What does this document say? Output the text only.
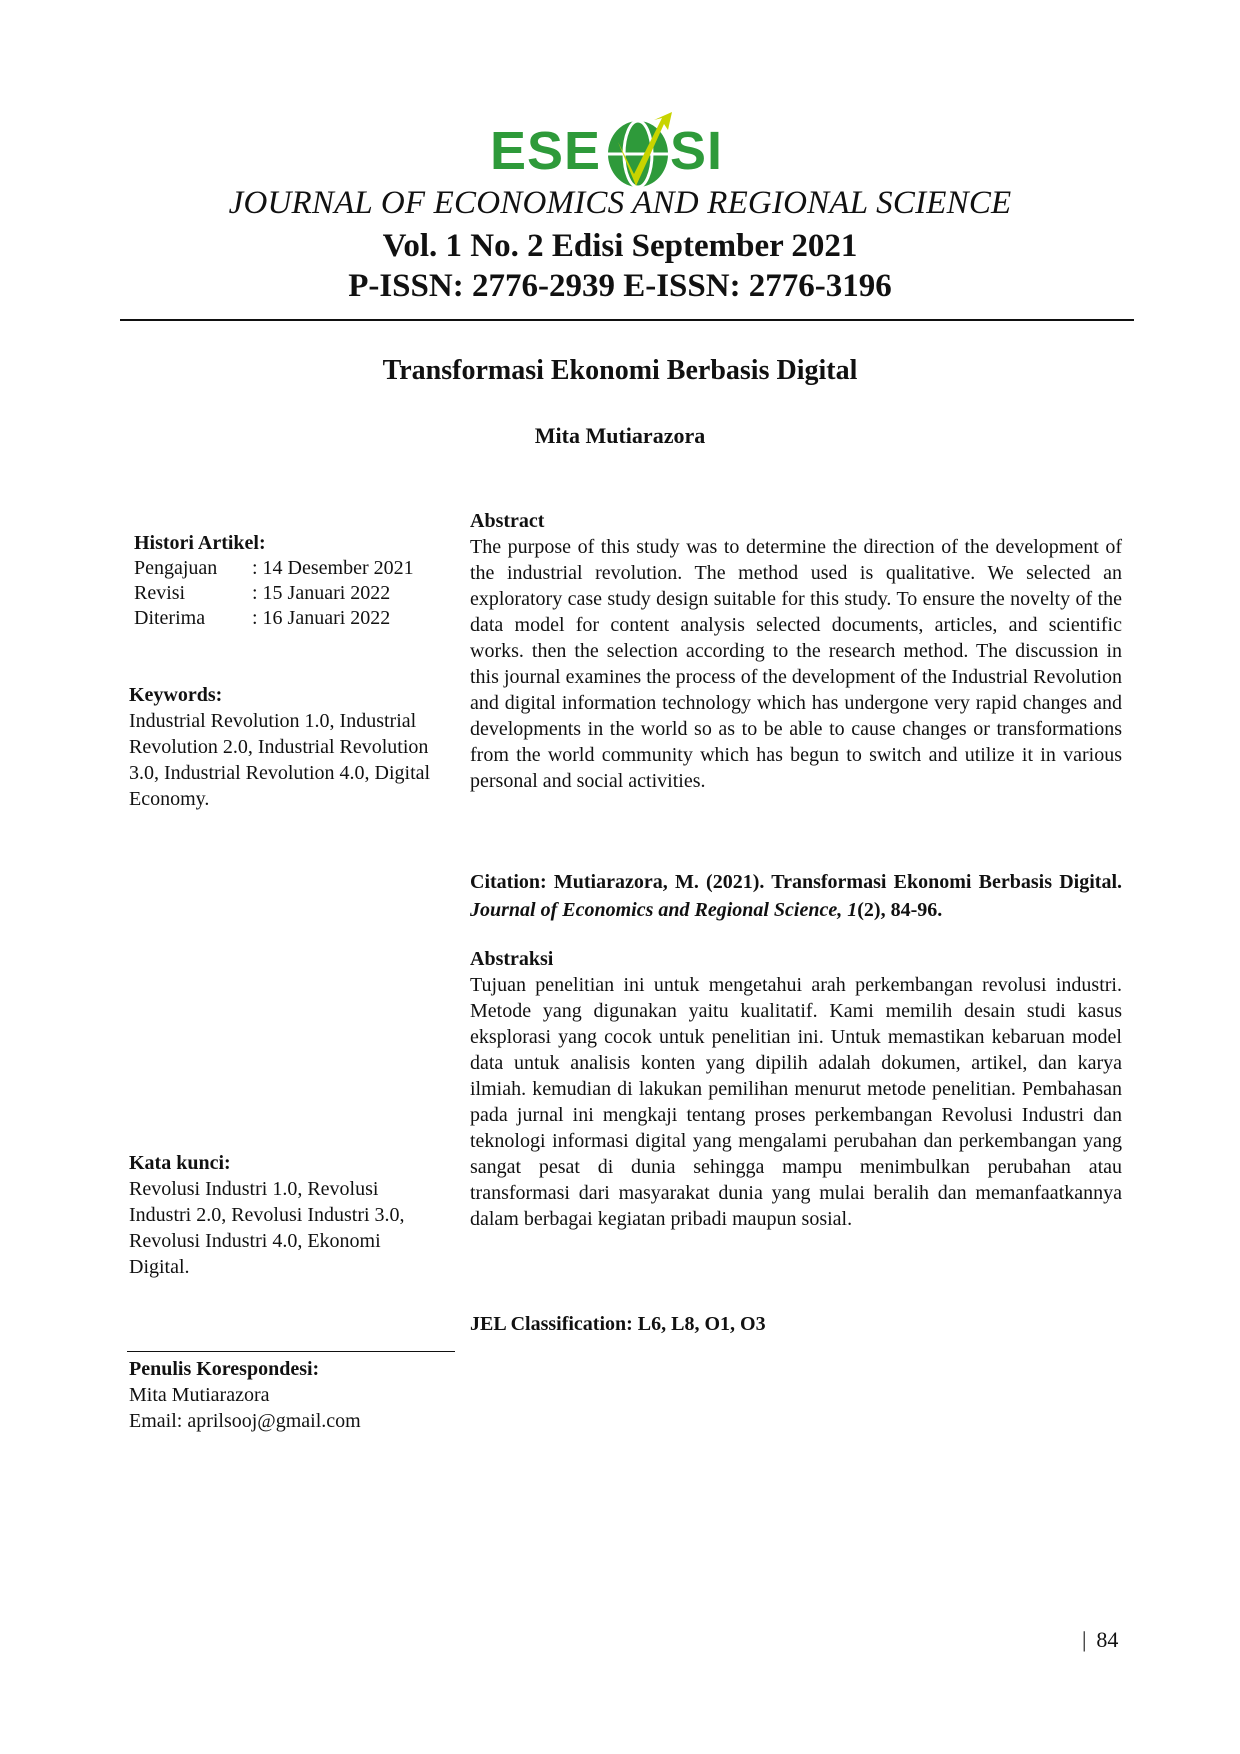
ESE SI
JOURNAL OF ECONOMICS AND REGIONAL SCIENCE
Vol. 1 No. 2 Edisi September 2021
P-ISSN: 2776-2939 E-ISSN: 2776-3196
Transformasi Ekonomi Berbasis Digital
Mita Mutiarazora
Histori Artikel:
Pengajuan	: 14 Desember 2021
Revisi	: 15 Januari 2022
Diterima	: 16 Januari 2022
Keywords:
Industrial Revolution 1.0, Industrial Revolution 2.0, Industrial Revolution 3.0, Industrial Revolution 4.0, Digital Economy.
Kata kunci:
Revolusi Industri 1.0, Revolusi Industri 2.0, Revolusi Industri 3.0, Revolusi Industri 4.0, Ekonomi Digital.
Penulis Korespondesi:
Mita Mutiarazora
Email: aprilsooj@gmail.com
Abstract
The purpose of this study was to determine the direction of the development of the industrial revolution. The method used is qualitative. We selected an exploratory case study design suitable for this study. To ensure the novelty of the data model for content analysis selected documents, articles, and scientific works. then the selection according to the research method. The discussion in this journal examines the process of the development of the Industrial Revolution and digital information technology which has undergone very rapid changes and developments in the world so as to be able to cause changes or transformations from the world community which has begun to switch and utilize it in various personal and social activities.
Citation: Mutiarazora, M. (2021). Transformasi Ekonomi Berbasis Digital. Journal of Economics and Regional Science, 1(2), 84-96.
Abstraksi
Tujuan penelitian ini untuk mengetahui arah perkembangan revolusi industri. Metode yang digunakan yaitu kualitatif. Kami memilih desain studi kasus eksplorasi yang cocok untuk penelitian ini. Untuk memastikan kebaruan model data untuk analisis konten yang dipilih adalah dokumen, artikel, dan karya ilmiah. kemudian di lakukan pemilihan menurut metode penelitian. Pembahasan pada jurnal ini mengkaji tentang proses perkembangan Revolusi Industri dan teknologi informasi digital yang mengalami perubahan dan perkembangan yang sangat pesat di dunia sehingga mampu menimbulkan perubahan atau transformasi dari masyarakat dunia yang mulai beralih dan memanfaatkannya dalam berbagai kegiatan pribadi maupun sosial.
JEL Classification: L6, L8, O1, O3
| 84
